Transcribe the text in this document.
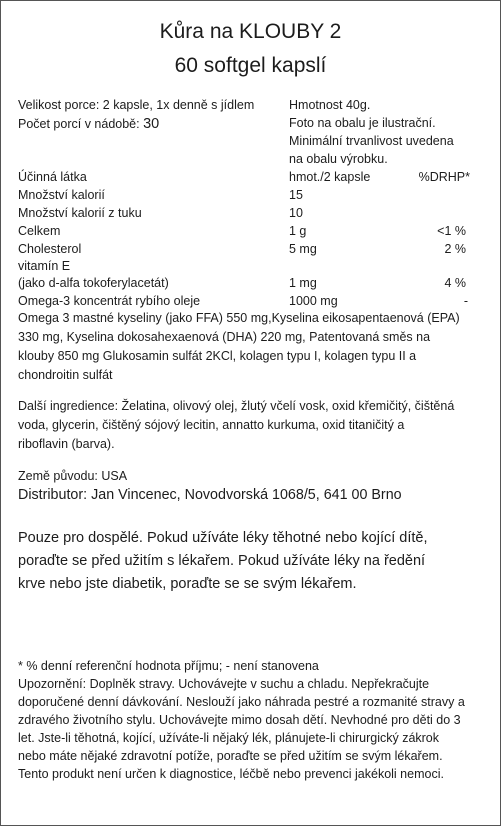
Kůra na KLOUBY 2
60 softgel kapslí
Velikost porce: 2 kapsle, 1x denně s jídlem
Počet porcí v nádobě: 30
Hmotnost 40g.
Foto na obalu je ilustrační.
Minimální trvanlivost uvedena
na obalu výrobku.
Účinná látka	hmot./2 kapsle	%DRHP*
Množství kalorií	15
Množství kalorií z tuku	10
Celkem	1 g	<1 %
Cholesterol	5 mg	2 %
vitamín E
(jako d-alfa tokoferylacetát)	1 mg	4 %
Omega-3 koncentrát rybího oleje	1000 mg	-
Omega 3 mastné kyseliny (jako FFA) 550 mg,Kyselina eikosapentaenová (EPA)
330 mg, Kyselina dokosahexaenová (DHA) 220 mg, Patentovaná směs na
klouby 850 mg Glukosamin sulfát 2KCl, kolagen typu I, kolagen typu II a
chondroitin sulfát
Další ingredience: Želatina, olivový olej, žlutý včelí vosk, oxid křemičitý, čištěná
voda, glycerin, čištěný sójový lecitin, annatto kurkuma, oxid titaničitý a
riboflavin (barva).
Země původu: USA
Distributor: Jan Vincenec, Novodvorská 1068/5, 641 00 Brno
Pouze pro dospělé. Pokud užíváte léky těhotné nebo kojící dítě,
poraďte se před užitím s lékařem. Pokud užíváte léky na ředění
krve nebo jste diabetik, poraďte se se svým lékařem.
* % denní referenční hodnota příjmu; - není stanovena
Upozornění: Doplněk stravy. Uchovávejte v suchu a chladu. Nepřekračujte
doporučené denní dávkování. Neslouží jako náhrada pestré a rozmanité stravy a
zdravého životního stylu. Uchovávejte mimo dosah dětí. Nevhodné pro děti do 3
let. Jste-li těhotná, kojící, užíváte-li nějaký lék, plánujete-li chirurgický zákrok
nebo máte nějaké zdravotní potíže, poraďte se před užitím se svým lékařem.
Tento produkt není určen k diagnostice, léčbě nebo prevenci jakékoli nemoci.
